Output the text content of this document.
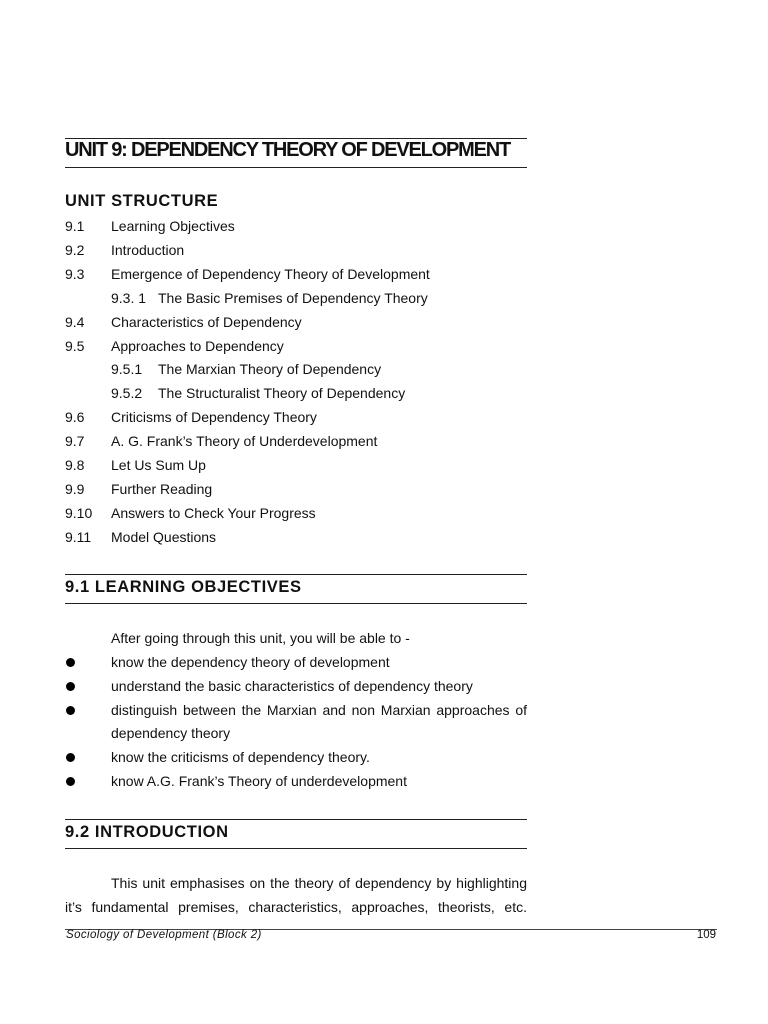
UNIT 9: DEPENDENCY THEORY OF DEVELOPMENT
UNIT STRUCTURE
9.1 Learning Objectives
9.2 Introduction
9.3 Emergence of Dependency Theory of Development
9.3. 1 The Basic Premises of Dependency Theory
9.4 Characteristics of Dependency
9.5 Approaches to Dependency
9.5.1 The Marxian Theory of Dependency
9.5.2 The Structuralist Theory of Dependency
9.6 Criticisms of Dependency Theory
9.7 A. G. Frank’s Theory of Underdevelopment
9.8 Let Us Sum Up
9.9 Further Reading
9.10 Answers to Check Your Progress
9.11 Model Questions
9.1 LEARNING OBJECTIVES
After going through this unit, you will be able to -
know the dependency theory of development
understand the basic characteristics of dependency theory
distinguish between the Marxian and non Marxian approaches of
dependency theory
know the criticisms of dependency theory.
know A.G. Frank’s Theory of underdevelopment
9.2 INTRODUCTION
This unit emphasises on the theory of dependency by highlighting
it’s fundamental premises, characteristics, approaches, theorists, etc.
Sociology of Development (Block 2)	109
